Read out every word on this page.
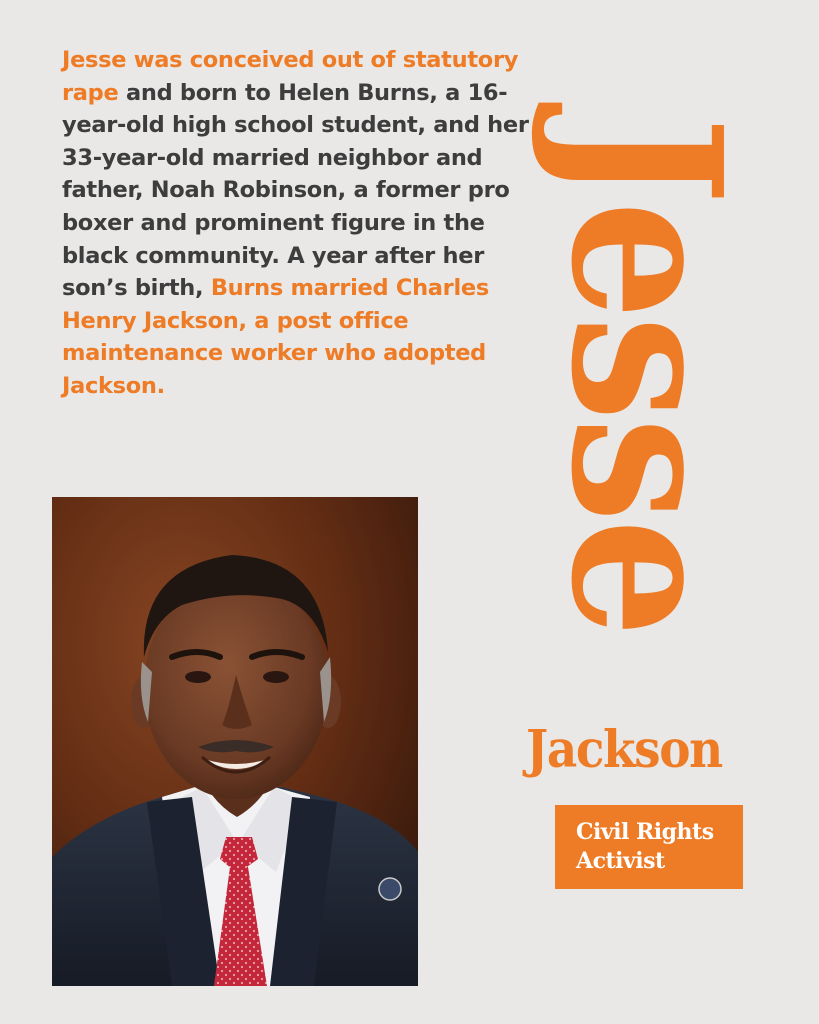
Jesse was conceived out of statutory rape and born to Helen Burns, a 16-year-old high school student, and her 33-year-old married neighbor and father, Noah Robinson, a former pro boxer and prominent figure in the black community. A year after her son’s birth, Burns married Charles Henry Jackson, a post office maintenance worker who adopted Jackson.	Jesse
Jackson

Civil Rights
Activist
